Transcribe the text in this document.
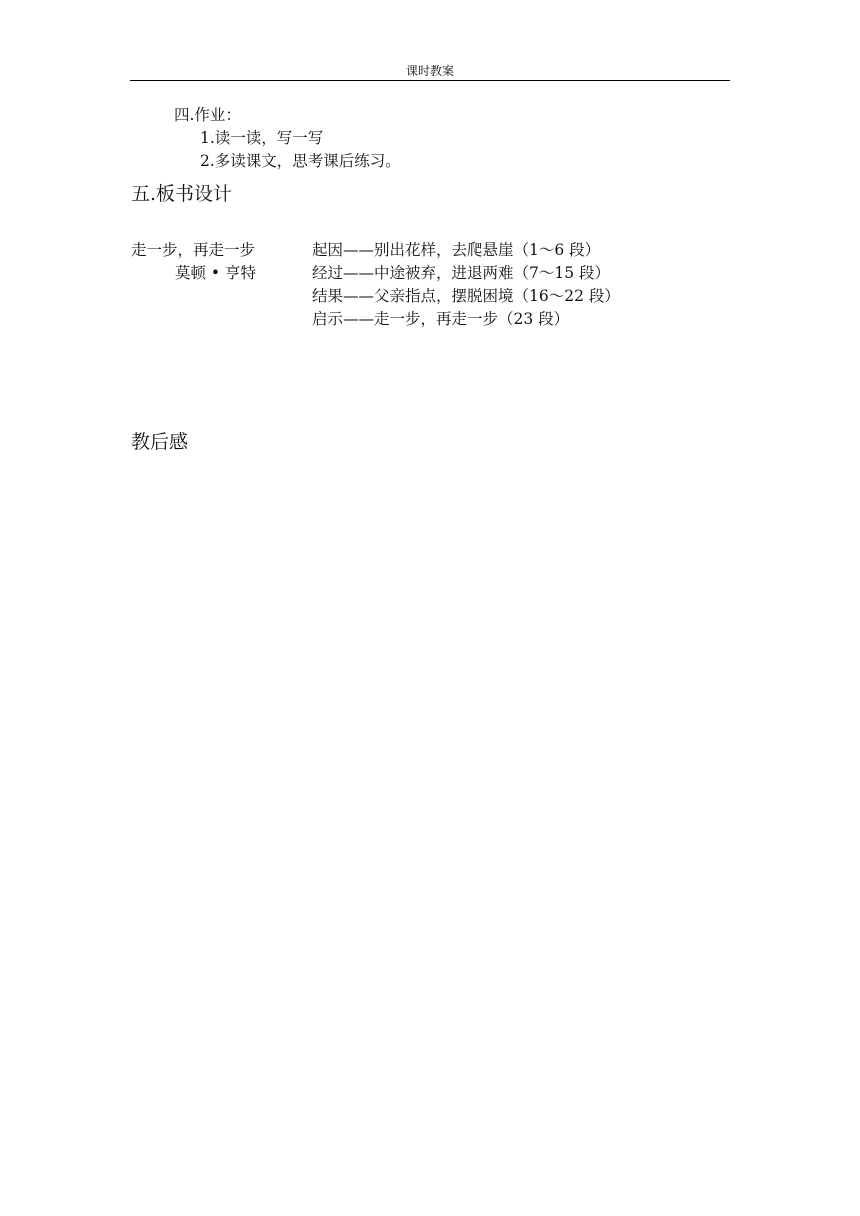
课时教案
四.作业：
1.读一读，写一写
2.多读课文，思考课后练习。
五.板书设计
走一步，再走一步
莫顿 • 亨特
起因——别出花样，去爬悬崖（1～6 段）
经过——中途被弃，进退两难（7～15 段）
结果——父亲指点，摆脱困境（16～22 段）
启示——走一步，再走一步（23 段）
教后感
